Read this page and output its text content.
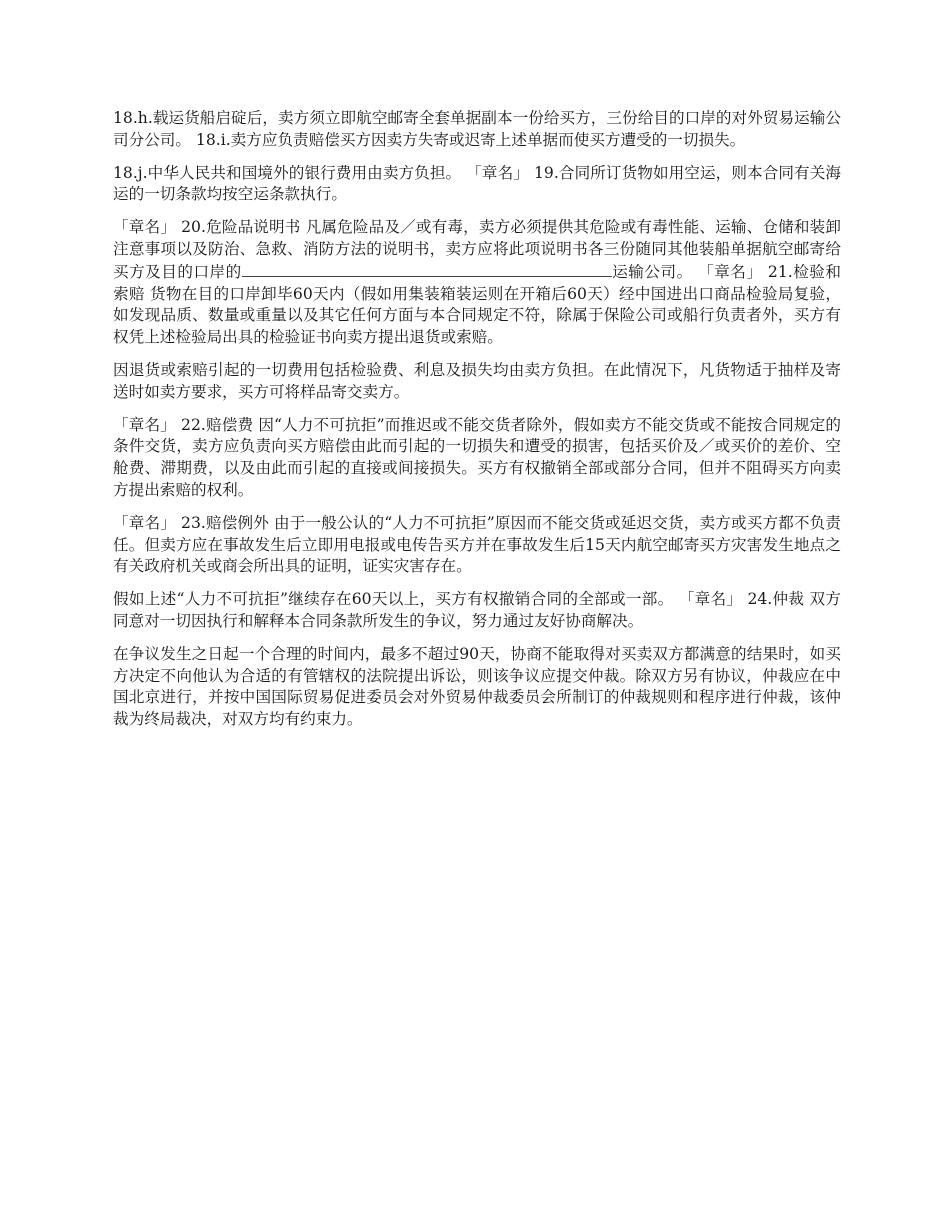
18.h.载运货船启碇后，卖方须立即航空邮寄全套单据副本一份给买方，三份给目的口岸的对外贸易运输公司分公司。 18.i.卖方应负责赔偿买方因卖方失寄或迟寄上述单据而使买方遭受的一切损失。

18.j.中华人民共和国境外的银行费用由卖方负担。 「章名」 19.合同所订货物如用空运，则本合同有关海运的一切条款均按空运条款执行。

「章名」 20.危险品说明书 凡属危险品及／或有毒，卖方必须提供其危险或有毒性能、运输、仓储和装卸注意事项以及防治、急救、消防方法的说明书，卖方应将此项说明书各三份随同其他装船单据航空邮寄给买方及目的口岸的	运输公司。 「章名」 21.检验和索赔 货物在目的口岸卸毕60天内（假如用集装箱装运则在开箱后60天）经中国进出口商品检验局复验，如发现品质、数量或重量以及其它任何方面与本合同规定不符，除属于保险公司或船行负责者外，买方有权凭上述检验局出具的检验证书向卖方提出退货或索赔。

因退货或索赔引起的一切费用包括检验费、利息及损失均由卖方负担。在此情况下，凡货物适于抽样及寄送时如卖方要求，买方可将样品寄交卖方。

「章名」 22.赔偿费 因“人力不可抗拒”而推迟或不能交货者除外，假如卖方不能交货或不能按合同规定的条件交货，卖方应负责向买方赔偿由此而引起的一切损失和遭受的损害，包括买价及／或买价的差价、空舱费、滞期费，以及由此而引起的直接或间接损失。买方有权撤销全部或部分合同，但并不阻碍买方向卖方提出索赔的权利。

「章名」 23.赔偿例外 由于一般公认的“人力不可抗拒”原因而不能交货或延迟交货，卖方或买方都不负责任。但卖方应在事故发生后立即用电报或电传告买方并在事故发生后15天内航空邮寄买方灾害发生地点之有关政府机关或商会所出具的证明，证实灾害存在。

假如上述“人力不可抗拒”继续存在60天以上，买方有权撤销合同的全部或一部。 「章名」 24.仲裁 双方同意对一切因执行和解释本合同条款所发生的争议，努力通过友好协商解决。

在争议发生之日起一个合理的时间内，最多不超过90天，协商不能取得对买卖双方都满意的结果时，如买方决定不向他认为合适的有管辖权的法院提出诉讼，则该争议应提交仲裁。除双方另有协议，仲裁应在中国北京进行，并按中国国际贸易促进委员会对外贸易仲裁委员会所制订的仲裁规则和程序进行仲裁，该仲裁为终局裁决，对双方均有约束力。
